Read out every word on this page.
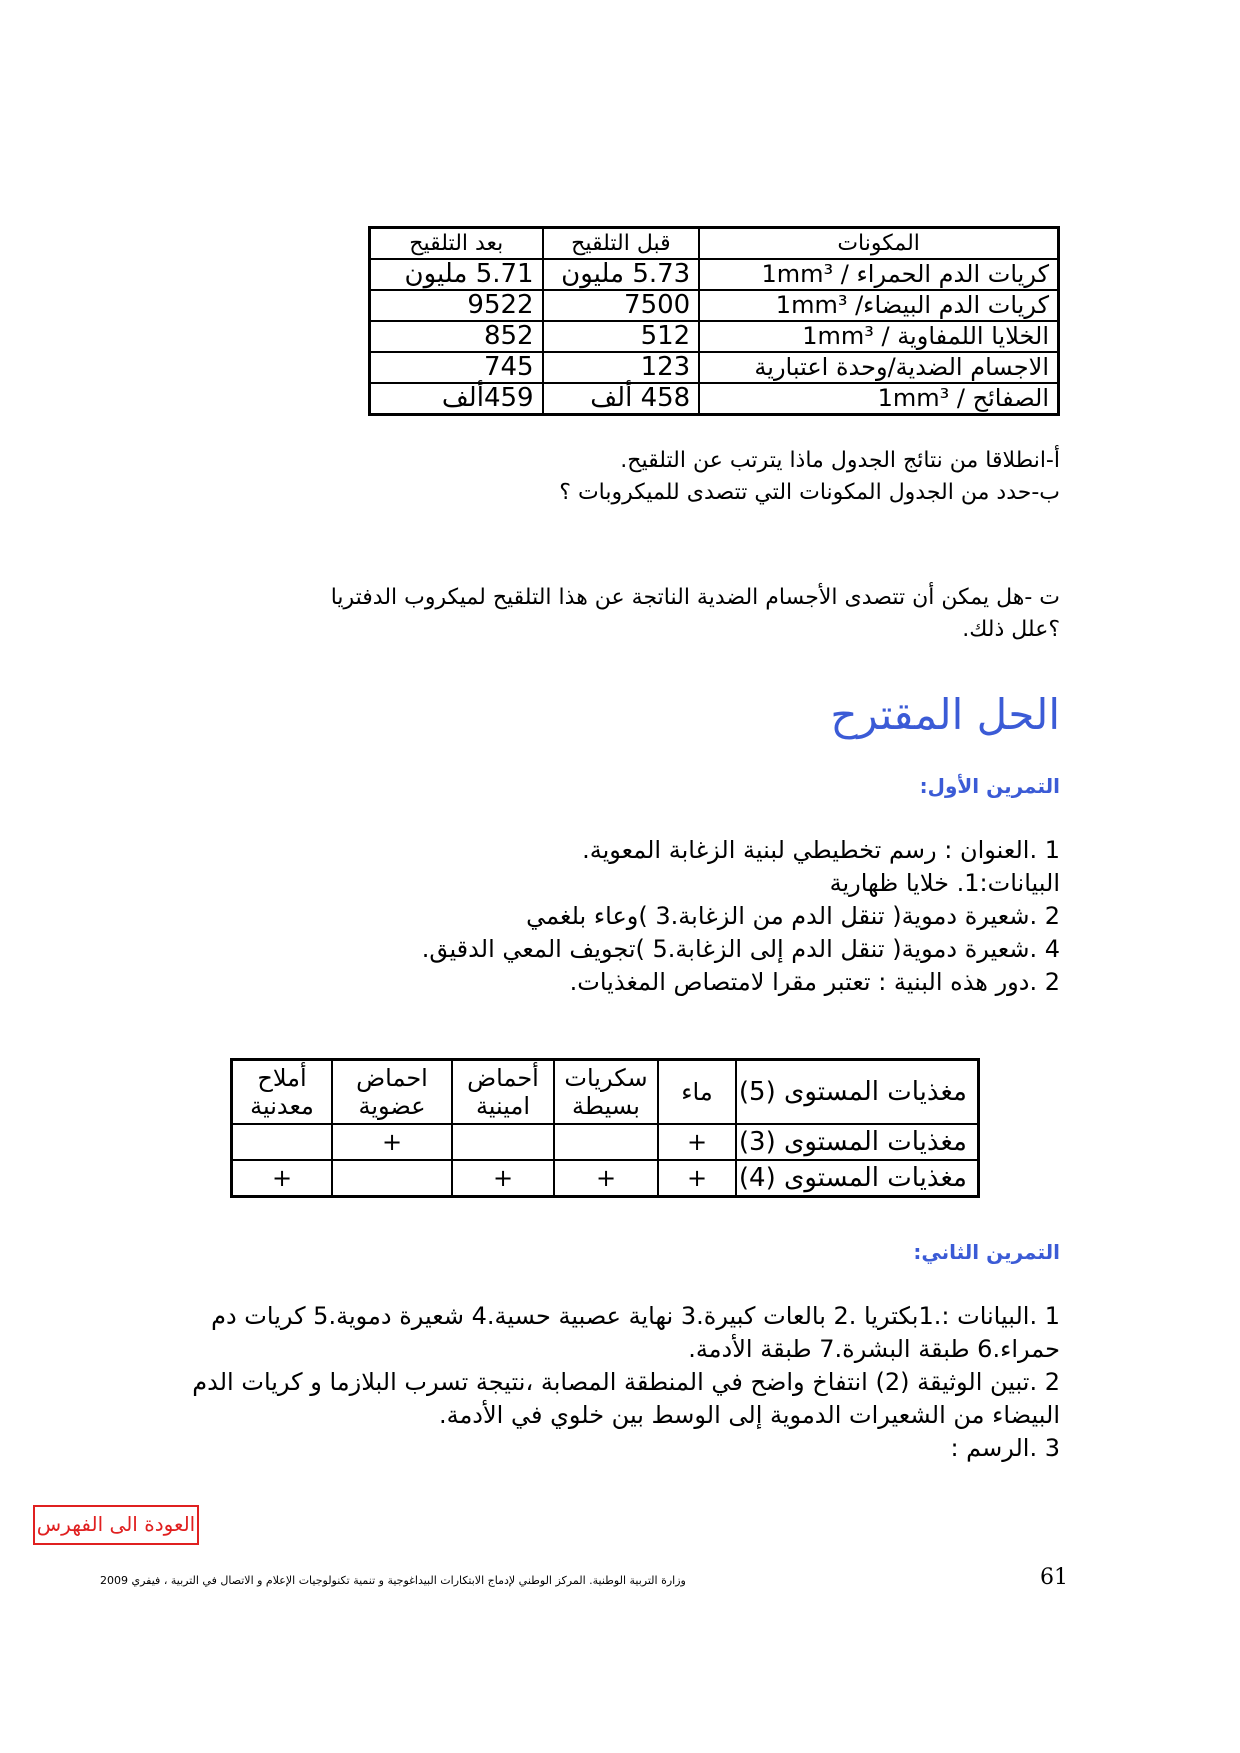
المكونات	قبل التلقيح	بعد التلقيح
كريات الدم الحمراء / 1mm³	5.73 مليون	5.71 مليون
كريات الدم البيضاء/ 1mm³	7500	9522
الخلايا اللمفاوية / 1mm³	512	852
الاجسام الضدية/وحدة اعتبارية	123	745
الصفائح / 1mm³	458 ألف	459ألف
أ-انطلاقا من نتائج الجدول ماذا يترتب عن التلقيح.
ب-حدد من الجدول المكونات التي تتصدى للميكروبات ؟
ت -هل يمكن أن تتصدى الأجسام الضدية الناتجة عن هذا التلقيح لميكروب الدفتريا
؟علل ذلك.
الحل المقترح
التمرين الأول:
1 .العنوان : رسم تخطيطي لبنية الزغابة المعوية.
البيانات:1. خلايا ظهارية
2 .شعيرة دموية( تنقل الدم من الزغابة.3 )وعاء بلغمي
4 .شعيرة دموية( تنقل الدم إلى الزغابة.5 )تجويف المعي الدقيق.
2 .دور هذه البنية : تعتبر مقرا لامتصاص المغذيات.
مغذيات المستوى (5)	ماء	سكريات بسيطة	أحماض امينية	احماض عضوية	أملاح معدنية
مغذيات المستوى (3)	+			+	
مغذيات المستوى (4)	+	+	+		+
التمرين الثاني:
1 .البيانات :.1بكتريا .2 بالعات كبيرة.3 نهاية عصبية حسية.4 شعيرة دموية.5 كريات دم حمراء.6 طبقة البشرة.7 طبقة الأدمة.
2 .تبين الوثيقة (2) انتفاخ واضح في المنطقة المصابة ،نتيجة تسرب البلازما و كريات الدم البيضاء من الشعيرات الدموية إلى الوسط بين خلوي في الأدمة.
3 .الرسم :
العودة الى الفهرس
وزارة التربية الوطنية. المركز الوطني لإدماج الابتكارات البيداغوجية و تنمية تكنولوجيات الإعلام و الاتصال في التربية ، فيفري 2009	61
